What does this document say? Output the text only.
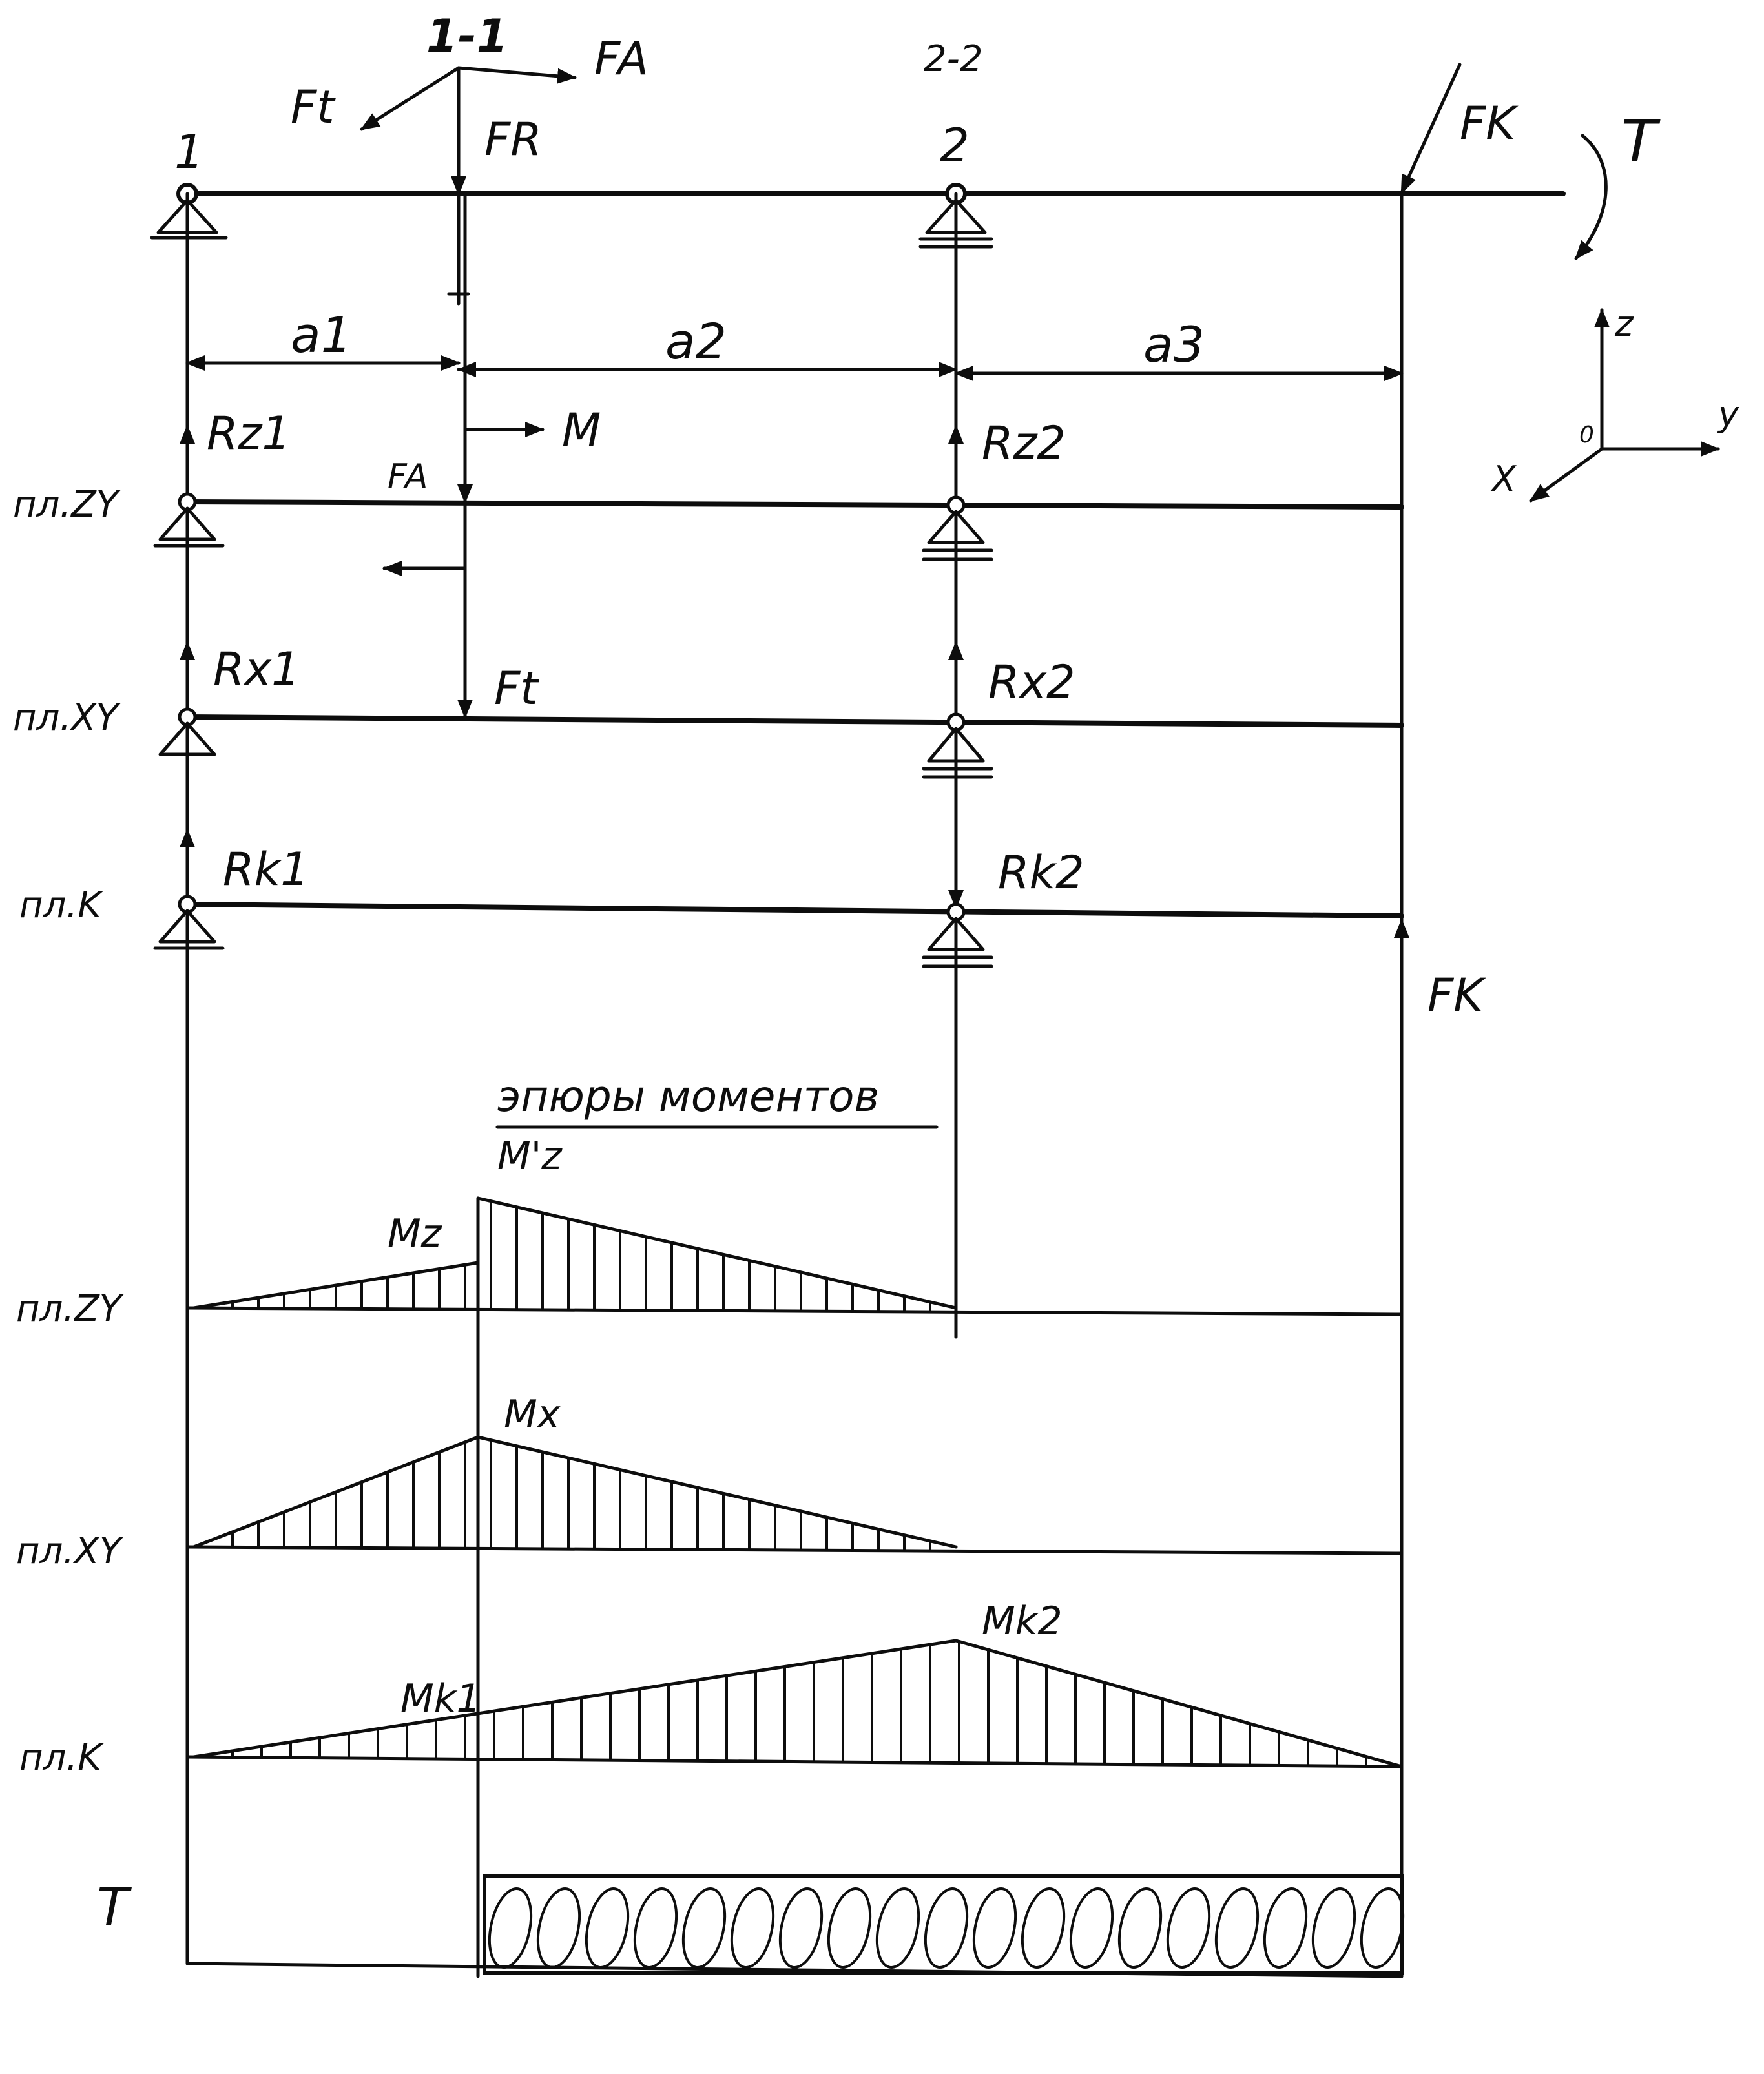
1-1	2-2
1	2
Ft
FA
FR	FK T
a1	a2	a3	z
y
X
0
пл.ZY
Rz1	Rz2
FA
M
пл.XY
Rx1	Rx2
Ft
пл.K
Rk1	Rk2
FK
эпюры моментов
пл.ZY
Mz
M'z
пл.XY
Mx
пл.K
Mk1
Mk2
T
